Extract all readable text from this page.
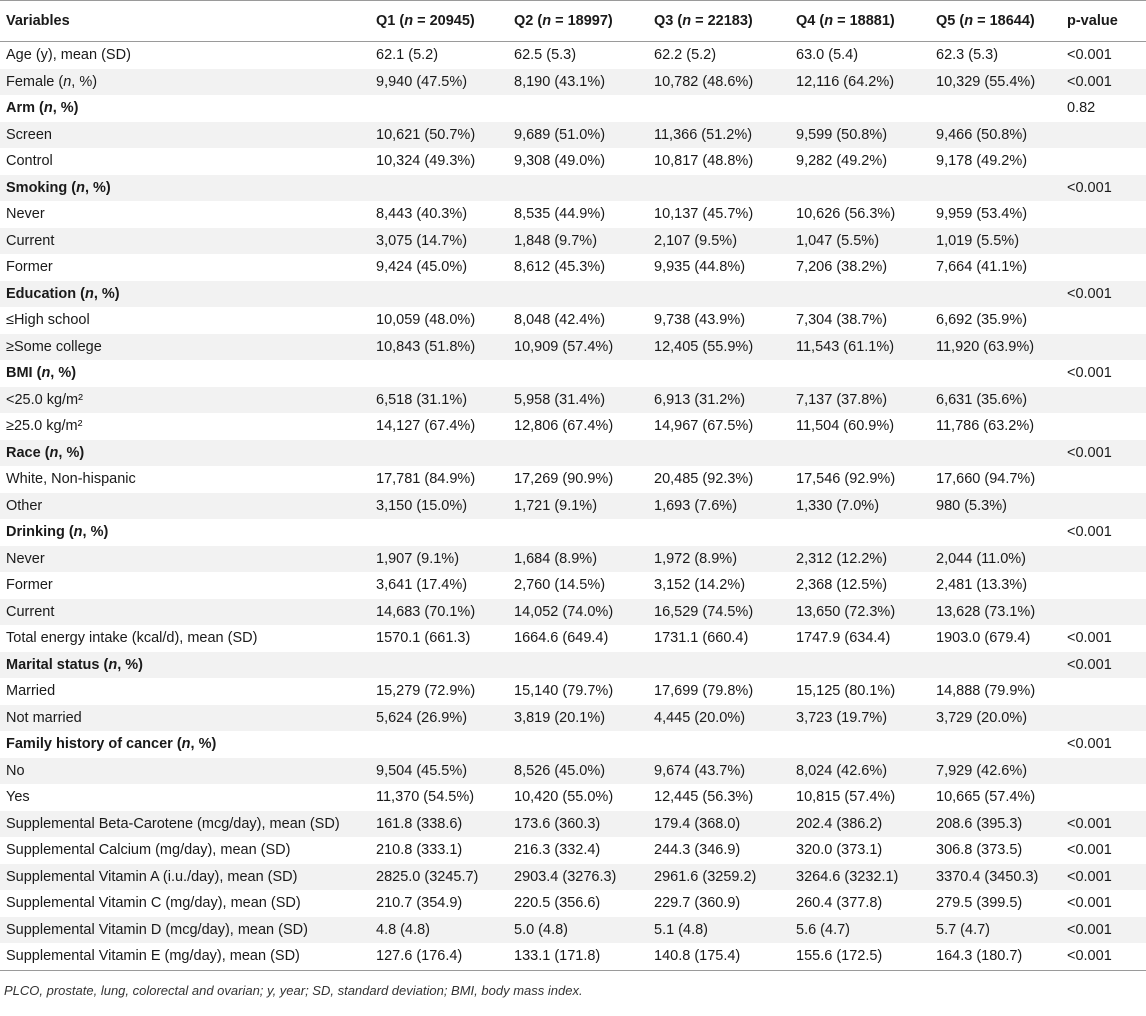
Variables	Q1 (n = 20945)	Q2 (n = 18997)	Q3 (n = 22183)	Q4 (n = 18881)	Q5 (n = 18644)	p-value
Age (y), mean (SD)	62.1 (5.2)	62.5 (5.3)	62.2 (5.2)	63.0 (5.4)	62.3 (5.3)	<0.001
Female (n, %)	9,940 (47.5%)	8,190 (43.1%)	10,782 (48.6%)	12,116 (64.2%)	10,329 (55.4%)	<0.001
Arm (n, %)						0.82
Screen	10,621 (50.7%)	9,689 (51.0%)	11,366 (51.2%)	9,599 (50.8%)	9,466 (50.8%)	
Control	10,324 (49.3%)	9,308 (49.0%)	10,817 (48.8%)	9,282 (49.2%)	9,178 (49.2%)	
Smoking (n, %)						<0.001
Never	8,443 (40.3%)	8,535 (44.9%)	10,137 (45.7%)	10,626 (56.3%)	9,959 (53.4%)	
Current	3,075 (14.7%)	1,848 (9.7%)	2,107 (9.5%)	1,047 (5.5%)	1,019 (5.5%)	
Former	9,424 (45.0%)	8,612 (45.3%)	9,935 (44.8%)	7,206 (38.2%)	7,664 (41.1%)	
Education (n, %)						<0.001
≤High school	10,059 (48.0%)	8,048 (42.4%)	9,738 (43.9%)	7,304 (38.7%)	6,692 (35.9%)	
≥Some college	10,843 (51.8%)	10,909 (57.4%)	12,405 (55.9%)	11,543 (61.1%)	11,920 (63.9%)	
BMI (n, %)						<0.001
<25.0 kg/m²	6,518 (31.1%)	5,958 (31.4%)	6,913 (31.2%)	7,137 (37.8%)	6,631 (35.6%)	
≥25.0 kg/m²	14,127 (67.4%)	12,806 (67.4%)	14,967 (67.5%)	11,504 (60.9%)	11,786 (63.2%)	
Race (n, %)						<0.001
White, Non-hispanic	17,781 (84.9%)	17,269 (90.9%)	20,485 (92.3%)	17,546 (92.9%)	17,660 (94.7%)	
Other	3,150 (15.0%)	1,721 (9.1%)	1,693 (7.6%)	1,330 (7.0%)	980 (5.3%)	
Drinking (n, %)						<0.001
Never	1,907 (9.1%)	1,684 (8.9%)	1,972 (8.9%)	2,312 (12.2%)	2,044 (11.0%)	
Former	3,641 (17.4%)	2,760 (14.5%)	3,152 (14.2%)	2,368 (12.5%)	2,481 (13.3%)	
Current	14,683 (70.1%)	14,052 (74.0%)	16,529 (74.5%)	13,650 (72.3%)	13,628 (73.1%)	
Total energy intake (kcal/d), mean (SD)	1570.1 (661.3)	1664.6 (649.4)	1731.1 (660.4)	1747.9 (634.4)	1903.0 (679.4)	<0.001
Marital status (n, %)						<0.001
Married	15,279 (72.9%)	15,140 (79.7%)	17,699 (79.8%)	15,125 (80.1%)	14,888 (79.9%)	
Not married	5,624 (26.9%)	3,819 (20.1%)	4,445 (20.0%)	3,723 (19.7%)	3,729 (20.0%)	
Family history of cancer (n, %)						<0.001
No	9,504 (45.5%)	8,526 (45.0%)	9,674 (43.7%)	8,024 (42.6%)	7,929 (42.6%)	
Yes	11,370 (54.5%)	10,420 (55.0%)	12,445 (56.3%)	10,815 (57.4%)	10,665 (57.4%)	
Supplemental Beta-Carotene (mcg/day), mean (SD)	161.8 (338.6)	173.6 (360.3)	179.4 (368.0)	202.4 (386.2)	208.6 (395.3)	<0.001
Supplemental Calcium (mg/day), mean (SD)	210.8 (333.1)	216.3 (332.4)	244.3 (346.9)	320.0 (373.1)	306.8 (373.5)	<0.001
Supplemental Vitamin A (i.u./day), mean (SD)	2825.0 (3245.7)	2903.4 (3276.3)	2961.6 (3259.2)	3264.6 (3232.1)	3370.4 (3450.3)	<0.001
Supplemental Vitamin C (mg/day), mean (SD)	210.7 (354.9)	220.5 (356.6)	229.7 (360.9)	260.4 (377.8)	279.5 (399.5)	<0.001
Supplemental Vitamin D (mcg/day), mean (SD)	4.8 (4.8)	5.0 (4.8)	5.1 (4.8)	5.6 (4.7)	5.7 (4.7)	<0.001
Supplemental Vitamin E (mg/day), mean (SD)	127.6 (176.4)	133.1 (171.8)	140.8 (175.4)	155.6 (172.5)	164.3 (180.7)	<0.001
PLCO, prostate, lung, colorectal and ovarian; y, year; SD, standard deviation; BMI, body mass index.
